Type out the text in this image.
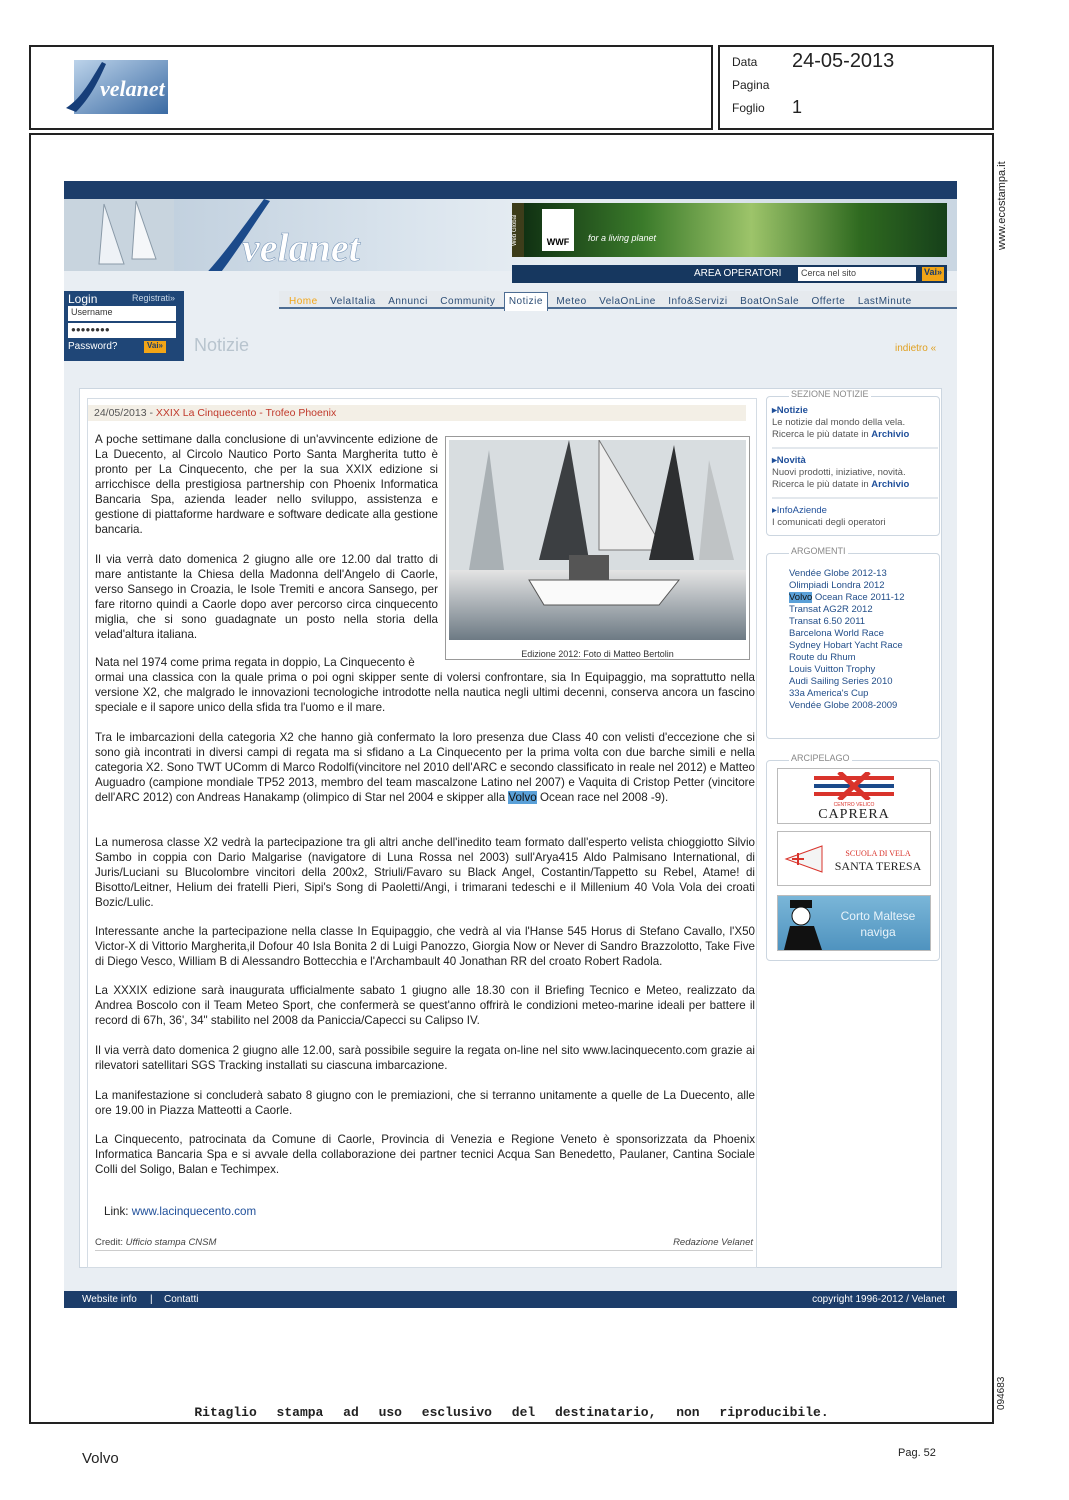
velanet
Data 24-05-2013
Pagina
Foglio 1
www.ecostampa.it
094683
velanet	Web Global	WWF	for a living planet
AREA OPERATORI	Cerca nel sito	Vai»
Login	Registrati»
Username
●●●●●●●●
Password?	Vai»
Home VelaItalia Annunci Community Notizie Meteo VelaOnLine Info&Servizi BoatOnSale Offerte LastMinute
Notizie	indietro «
24/05/2013 - XXIX La Cinquecento - Trofeo Phoenix
A poche settimane dalla conclusione di un'avvincente edizione de La Duecento, al Circolo Nautico Porto Santa Margherita tutto è pronto per La Cinquecento, che per la sua XXIX edizione si arricchisce della prestigiosa partnership con Phoenix Informatica Bancaria Spa, azienda leader nello sviluppo, assistenza e gestione di piattaforme hardware e software dedicate alla gestione bancaria.
Il via verrà dato domenica 2 giugno alle ore 12.00 dal tratto di mare antistante la Chiesa della Madonna dell'Angelo di Caorle, verso Sansego in Croazia, le Isole Tremiti e ancora Sansego, per fare ritorno quindi a Caorle dopo aver percorso circa cinquecento miglia, che si sono guadagnate un posto nella storia della velad'altura italiana.
Edizione 2012: Foto di Matteo Bertolin
Nata nel 1974 come prima regata in doppio, La Cinquecento è
ormai una classica con la quale prima o poi ogni skipper sente di volersi confrontare, sia In Equipaggio, ma soprattutto nella versione X2, che malgrado le innovazioni tecnologiche introdotte nella nautica negli ultimi decenni, conserva ancora un fascino speciale e il sapore unico della sfida tra l'uomo e il mare.
Tra le imbarcazioni della categoria X2 che hanno già confermato la loro presenza due Class 40 con velisti d'eccezione che si sono già incontrati in diversi campi di regata ma si sfidano a La Cinquecento per la prima volta con due barche simili e nella categoria X2. Sono TWT UComm di Marco Rodolfi(vincitore nel 2010 dell'ARC e secondo classificato in reale nel 2012) e Matteo Auguadro (campione mondiale TP52 2013, membro del team mascalzone Latino nel 2007) e Vaquita di Cristop Petter (vincitore dell'ARC 2012) con Andreas Hanakamp (olimpico di Star nel 2004 e skipper alla Volvo Ocean race nel 2008 -9).
La numerosa classe X2 vedrà la partecipazione tra gli altri anche dell'inedito team formato dall'esperto velista chioggiotto Silvio Sambo in coppia con Dario Malgarise (navigatore di Luna Rossa nel 2003) sull'Arya415 Aldo Palmisano International, di Juris/Luciani su Blucolombre vincitori della 200x2, Striuli/Favaro su Black Angel, Costantin/Tappetto su Rebel, Atame! di Bisotto/Leitner, Helium dei fratelli Pieri, Sipi's Song di Paoletti/Angi, i trimarani tedeschi e il Millenium 40 Vola Vola dei croati Bozic/Lulic.
Interessante anche la partecipazione nella classe In Equipaggio, che vedrà al via l'Hanse 545 Horus di Stefano Cavallo, l'X50 Victor-X di Vittorio Margherita,il Dofour 40 Isla Bonita 2 di Luigi Panozzo, Giorgia Now or Never di Sandro Brazzolotto, Take Five di Diego Vesco, William B di Alessandro Bottecchia e l'Archambault 40 Jonathan RR del croato Robert Radola.
La XXXIX edizione sarà inaugurata ufficialmente sabato 1 giugno alle 18.30 con il Briefing Tecnico e Meteo, realizzato da Andrea Boscolo con il Team Meteo Sport, che confermerà se quest'anno offrirà le condizioni meteo-marine ideali per battere il record di 67h, 36', 34" stabilito nel 2008 da Paniccia/Capecci su Calipso IV.
Il via verrà dato domenica 2 giugno alle 12.00, sarà possibile seguire la regata on-line nel sito www.lacinquecento.com grazie ai rilevatori satellitari SGS Tracking installati su ciascuna imbarcazione.
La manifestazione si concluderà sabato 8 giugno con le premiazioni, che si terranno unitamente a quelle de La Duecento, alle ore 19.00 in Piazza Matteotti a Caorle.
La Cinquecento, patrocinata da Comune di Caorle, Provincia di Venezia e Regione Veneto è sponsorizzata da Phoenix Informatica Bancaria Spa e si avvale della collaborazione dei partner tecnici Acqua San Benedetto, Paulaner, Cantina Sociale Colli del Soligo, Balan e Techimpex.
Link: www.lacinquecento.com
Credit: Ufficio stampa CNSM	Redazione Velanet
SEZIONE NOTIZIE
▸Notizie
Le notizie dal mondo della vela.
Ricerca le più datate in Archivio
▸Novità
Nuovi prodotti, iniziative, novità.
Ricerca le più datate in Archivio
▸InfoAziende
I comunicati degli operatori
ARGOMENTI
Vendée Globe 2012-13
Olimpiadi Londra 2012
Volvo Ocean Race 2011-12
Transat AG2R 2012
Transat 6.50 2011
Barcelona World Race
Sydney Hobart Yacht Race
Route du Rhum
Louis Vuitton Trophy
Audi Sailing Series 2010
33a America's Cup
Vendée Globe 2008-2009
ARCIPELAGO
CENTRO VELICO
CAPRERA
SCUOLA DI VELA
SANTA TERESA
Corto Maltese naviga
Website info | Contatti	copyright 1996-2012 / Velanet
Ritaglio stampa ad uso esclusivo del destinatario, non riproducibile.
Volvo	Pag. 52
